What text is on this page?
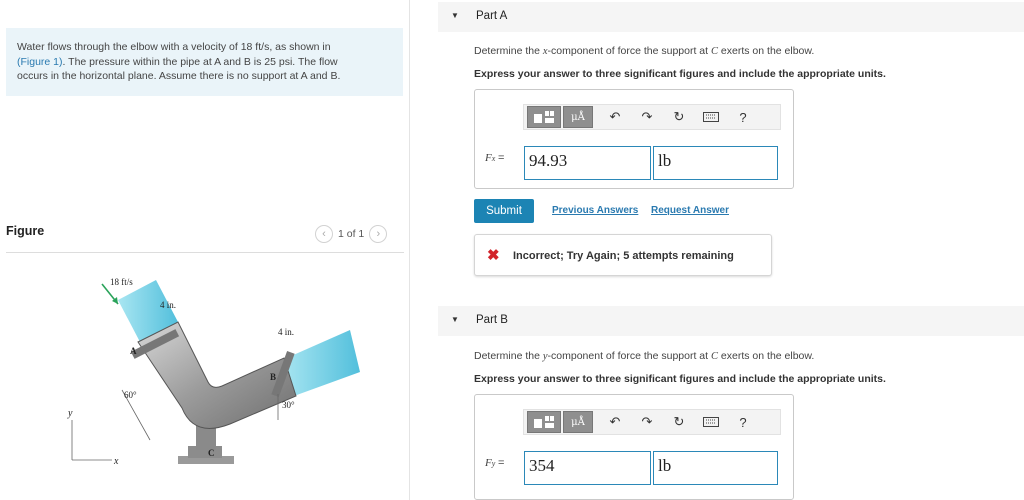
Water flows through the elbow with a velocity of 18 ft/s, as shown in
(Figure 1). The pressure within the pipe at A and B is 25 psi. The flow
occurs in the horizontal plane. Assume there is no support at A and B.
Figure	‹ 1 of 1 ›
18 ft/s
4 in.
4 in.
A
B
C
60°
30°
y
x
▼ Part A
Determine the x-component of force the support at C exerts on the elbow.
Express your answer to three significant figures and include the appropriate units.
μÅ	↶	↷	↻	?
Fx = 94.93	lb
Submit	Previous Answers Request Answer
✖ Incorrect; Try Again; 5 attempts remaining
▼ Part B
Determine the y-component of force the support at C exerts on the elbow.
Express your answer to three significant figures and include the appropriate units.
μÅ	↶	↷	↻	?
Fy = 354	lb
